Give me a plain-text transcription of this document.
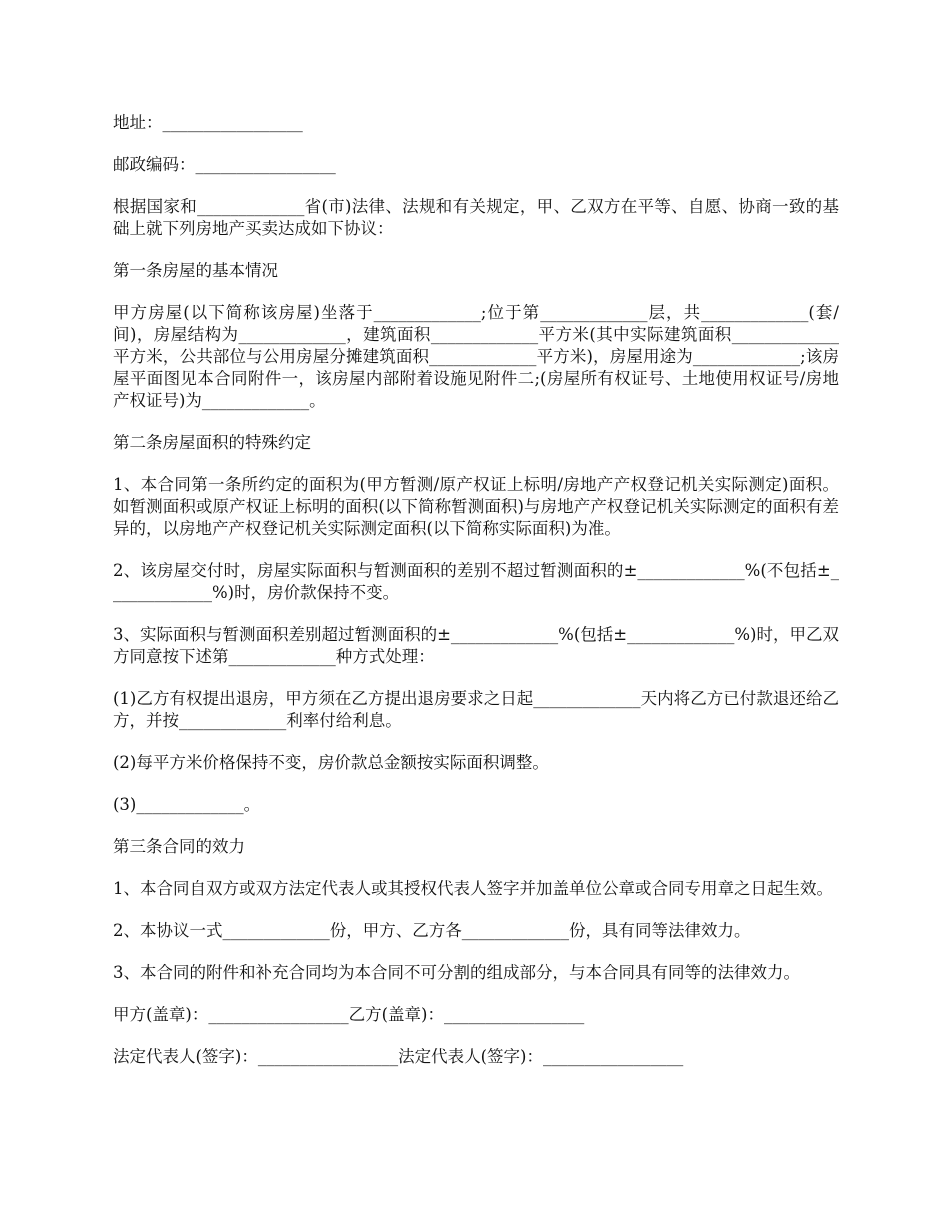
地址：_________________

邮政编码：_________________

根据国家和_____________省(市)法律、法规和有关规定，甲、乙双方在平等、自愿、协商一致的基础上就下列房地产买卖达成如下协议：

第一条房屋的基本情况

甲方房屋(以下简称该房屋)坐落于_____________;位于第_____________层，共_____________(套/间)，房屋结构为_____________，建筑面积_____________平方米(其中实际建筑面积_____________平方米，公共部位与公用房屋分摊建筑面积_____________平方米)，房屋用途为_____________;该房屋平面图见本合同附件一，该房屋内部附着设施见附件二;(房屋所有权证号、土地使用权证号/房地产权证号)为_____________。

第二条房屋面积的特殊约定

1、本合同第一条所约定的面积为(甲方暂测/原产权证上标明/房地产产权登记机关实际测定)面积。如暂测面积或原产权证上标明的面积(以下简称暂测面积)与房地产产权登记机关实际测定的面积有差异的，以房地产产权登记机关实际测定面积(以下简称实际面积)为准。

2、该房屋交付时，房屋实际面积与暂测面积的差别不超过暂测面积的±_____________%(不包括±_____________%)时，房价款保持不变。

3、实际面积与暂测面积差别超过暂测面积的±_____________%(包括±_____________%)时，甲乙双方同意按下述第_____________种方式处理：

(1)乙方有权提出退房，甲方须在乙方提出退房要求之日起_____________天内将乙方已付款退还给乙方，并按_____________利率付给利息。

(2)每平方米价格保持不变，房价款总金额按实际面积调整。

(3)_____________。

第三条合同的效力

1、本合同自双方或双方法定代表人或其授权代表人签字并加盖单位公章或合同专用章之日起生效。

2、本协议一式_____________份，甲方、乙方各_____________份，具有同等法律效力。

3、本合同的附件和补充合同均为本合同不可分割的组成部分，与本合同具有同等的法律效力。

甲方(盖章)：_________________乙方(盖章)：_________________

法定代表人(签字)：_________________法定代表人(签字)：_________________
